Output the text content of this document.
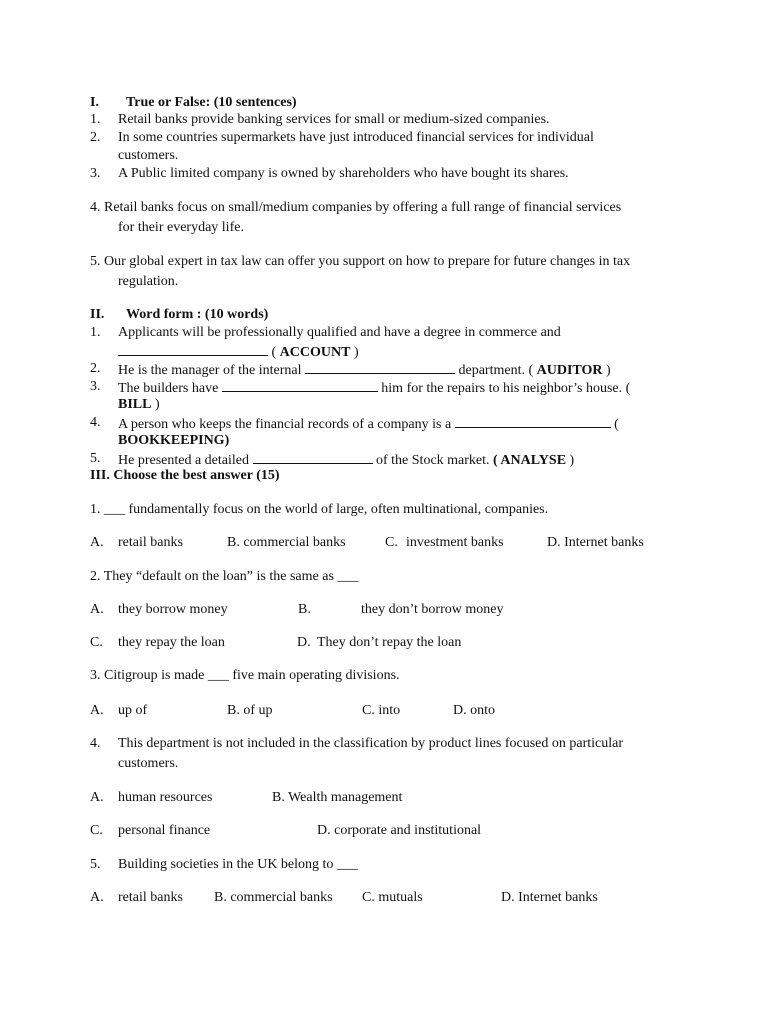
I. True or False: (10 sentences)
1. Retail banks provide banking services for small or medium-sized companies.
2. In some countries supermarkets have just introduced financial services for individual
customers.
3. A Public limited company is owned by shareholders who have bought its shares.
4. Retail banks focus on small/medium companies by offering a full range of financial services
for their everyday life.
5. Our global expert in tax law can offer you support on how to prepare for future changes in tax
regulation.
II. Word form : (10 words)
1. Applicants will be professionally qualified and have a degree in commerce and
( ACCOUNT )
2. He is the manager of the internal	department. ( AUDITOR )
3. The builders have	him for the repairs to his neighbor’s house. (
BILL )
4. A person who keeps the financial records of a company is a	(
BOOKKEEPING)
5. He presented a detailed	of the Stock market. ( ANALYSE )
III. Choose the best answer (15)
1. ___ fundamentally focus on the world of large, often multinational, companies.
A. retail banks	B. commercial banks	C. investment banks	D. Internet banks
2. They “default on the loan” is the same as ___
A. they borrow money	B.	they don’t borrow money
C. they repay the loan	D. They don’t repay the loan
3. Citigroup is made ___ five main operating divisions.
A. up of	B. of up	C. into	D. onto
4. This department is not included in the classification by product lines focused on particular
customers.
A. human resources	B. Wealth management
C. personal finance	D. corporate and institutional
5. Building societies in the UK belong to ___
A. retail banks B. commercial banks C. mutuals	D. Internet banks
